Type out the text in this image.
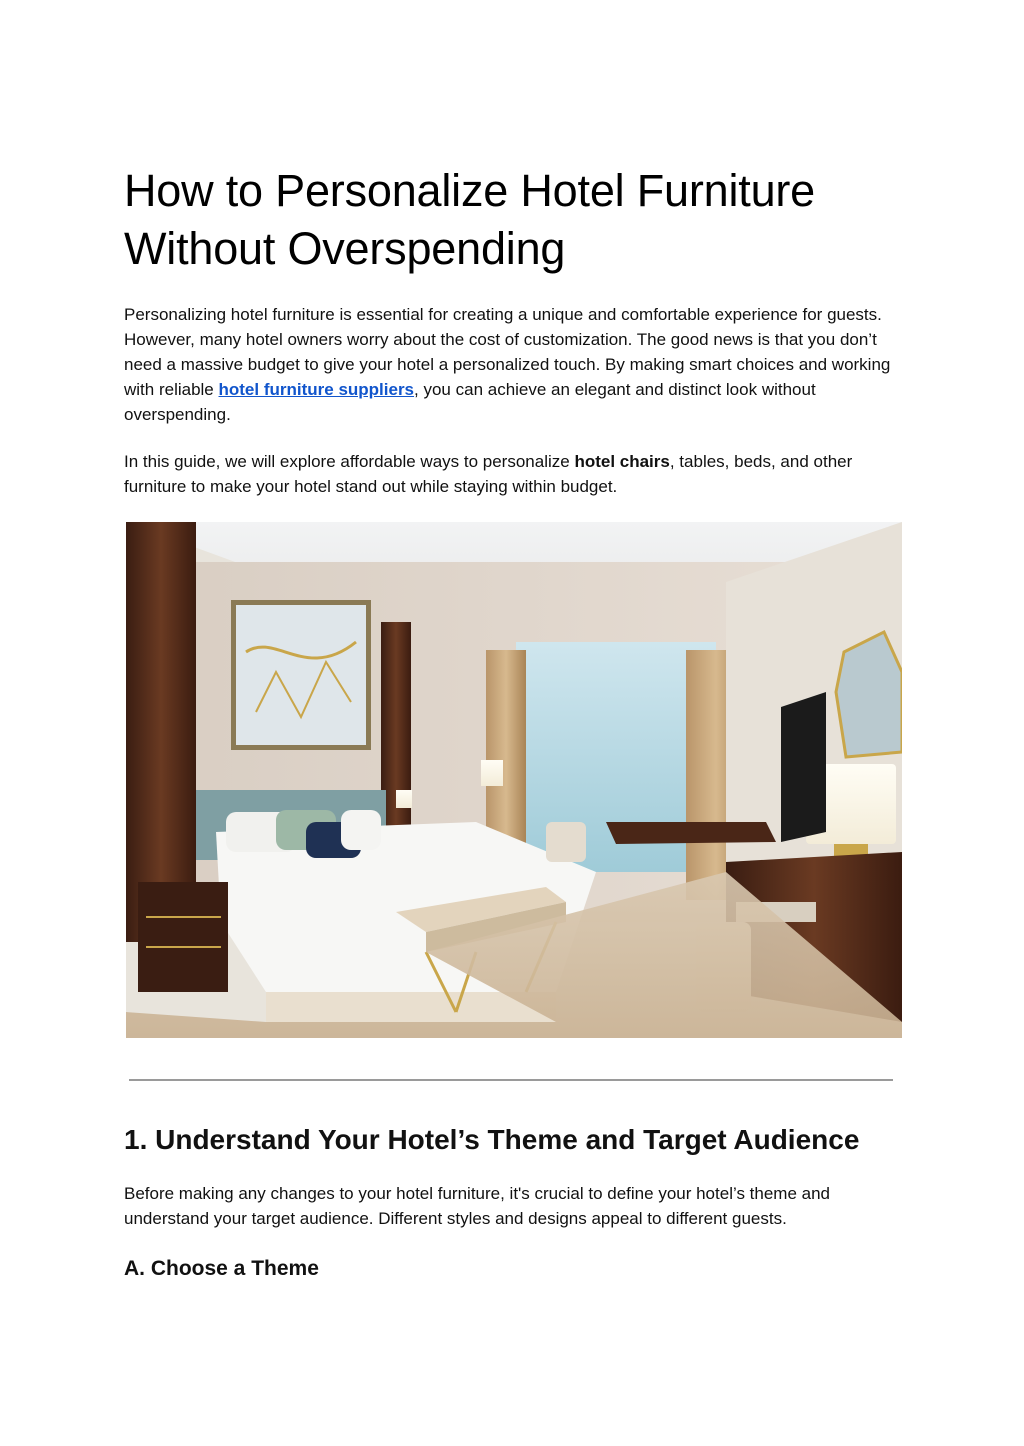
How to Personalize Hotel Furniture Without Overspending

Personalizing hotel furniture is essential for creating a unique and comfortable experience for guests. However, many hotel owners worry about the cost of customization. The good news is that you don’t need a massive budget to give your hotel a personalized touch. By making smart choices and working with reliable hotel furniture suppliers, you can achieve an elegant and distinct look without overspending.

In this guide, we will explore affordable ways to personalize hotel chairs, tables, beds, and other furniture to make your hotel stand out while staying within budget.

1. Understand Your Hotel’s Theme and Target Audience

Before making any changes to your hotel furniture, it's crucial to define your hotel’s theme and understand your target audience. Different styles and designs appeal to different guests.

A. Choose a Theme
